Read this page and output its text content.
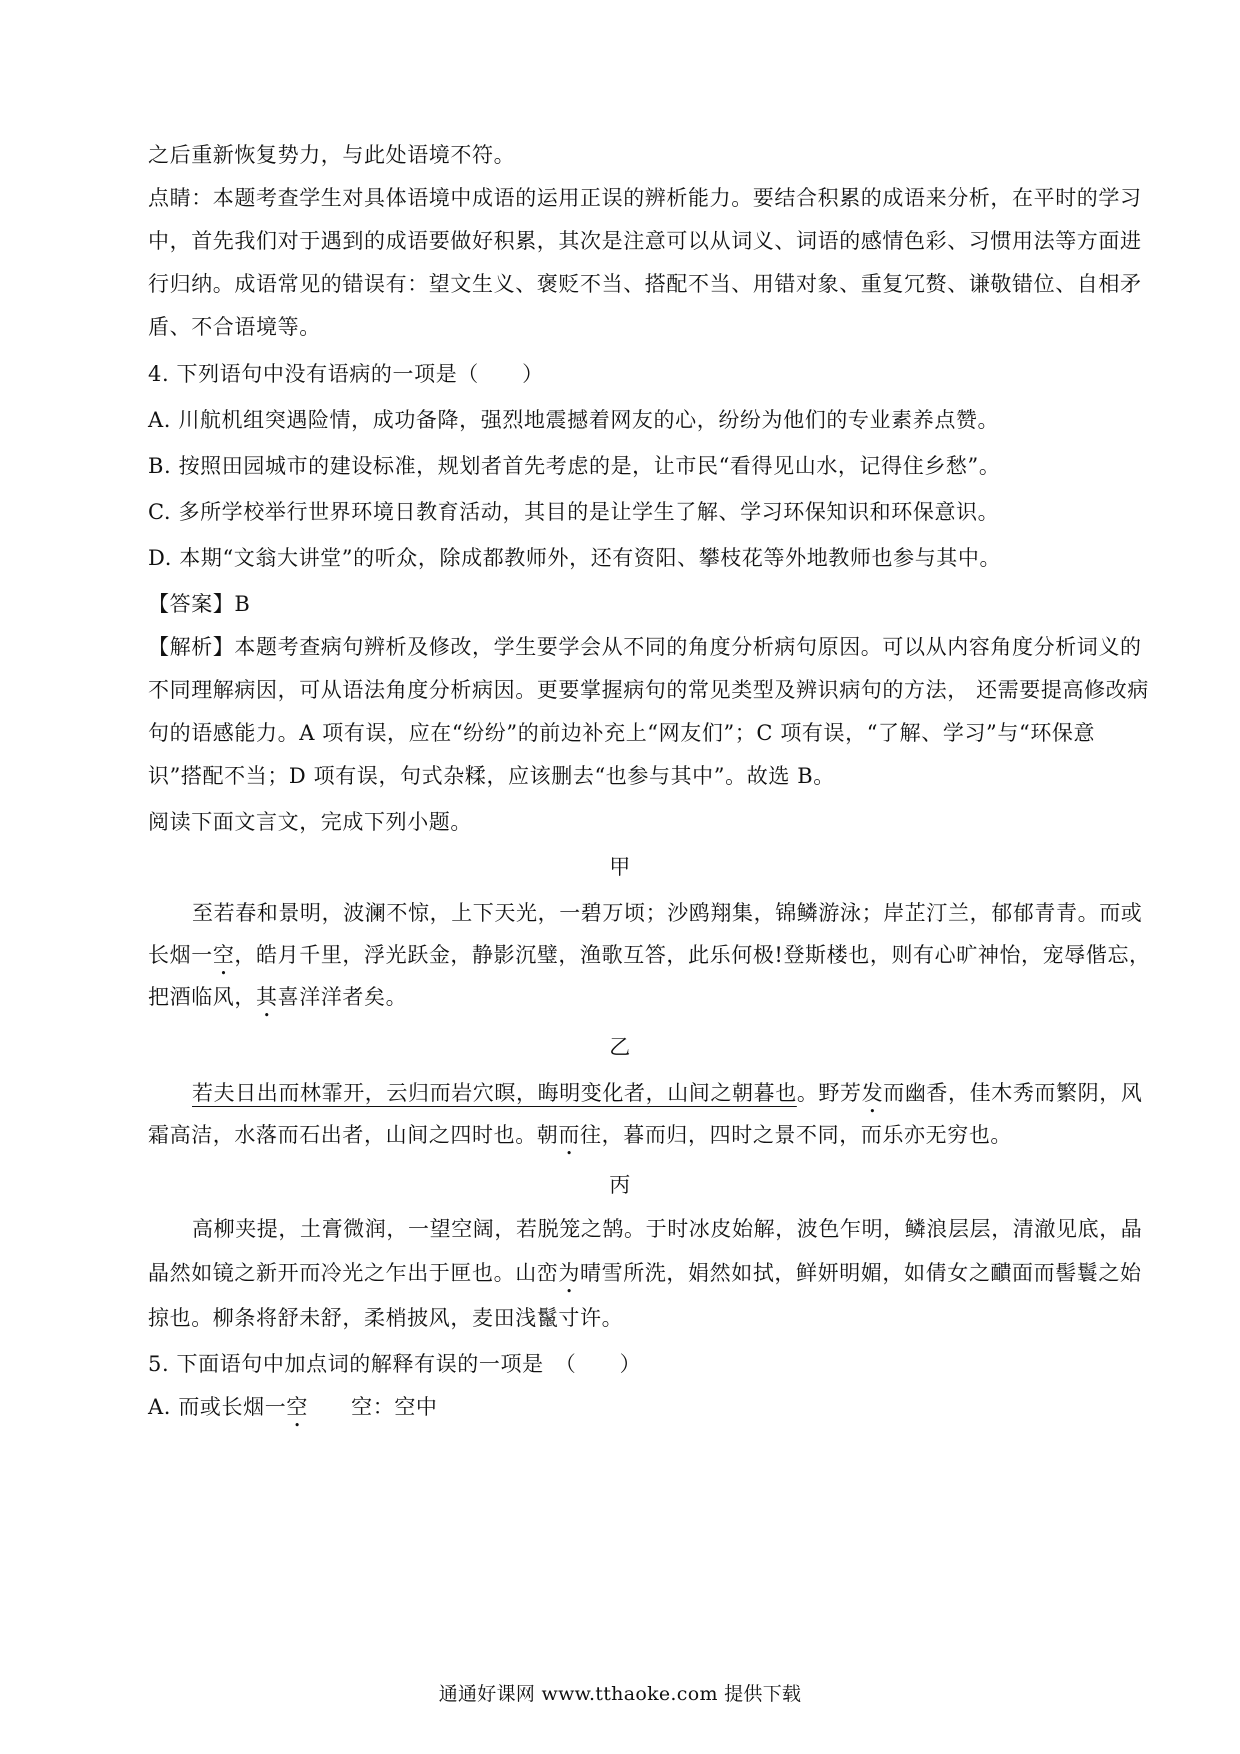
之后重新恢复势力，与此处语境不符。
点睛：本题考查学生对具体语境中成语的运用正误的辨析能力。要结合积累的成语来分析，在平时的学习
中，首先我们对于遇到的成语要做好积累，其次是注意可以从词义、词语的感情色彩、习惯用法等方面进
行归纳。成语常见的错误有：望文生义、褒贬不当、搭配不当、用错对象、重复冗赘、谦敬错位、自相矛
盾、不合语境等。
4. 下列语句中没有语病的一项是（　　）
A. 川航机组突遇险情，成功备降，强烈地震撼着网友的心，纷纷为他们的专业素养点赞。
B. 按照田园城市的建设标准，规划者首先考虑的是，让市民“看得见山水，记得住乡愁”。
C. 多所学校举行世界环境日教育活动，其目的是让学生了解、学习环保知识和环保意识。
D. 本期“文翁大讲堂”的听众，除成都教师外，还有资阳、攀枝花等外地教师也参与其中。
【答案】B
【解析】本题考查病句辨析及修改，学生要学会从不同的角度分析病句原因。可以从内容角度分析词义的
不同理解病因，可从语法角度分析病因。更要掌握病句的常见类型及辨识病句的方法， 还需要提高修改病
句的语感能力。A 项有误，应在“纷纷”的前边补充上“网友们”；C 项有误，“了解、学习”与“环保意
识”搭配不当；D 项有误，句式杂糅，应该删去“也参与其中”。故选 B。
阅读下面文言文，完成下列小题。
甲
至若春和景明，波澜不惊，上下天光，一碧万顷；沙鸥翔集，锦鳞游泳；岸芷汀兰，郁郁青青。而或
长烟一空，皓月千里，浮光跃金，静影沉璧，渔歌互答，此乐何极!登斯楼也，则有心旷神怡，宠辱偕忘，
把酒临风，其喜洋洋者矣。
乙
若夫日出而林霏开，云归而岩穴暝，晦明变化者，山间之朝暮也。野芳发而幽香，佳木秀而繁阴，风
霜高洁，水落而石出者，山间之四时也。朝而往，暮而归，四时之景不同，而乐亦无穷也。
丙
高柳夹提，土膏微润，一望空阔，若脱笼之鹄。于时冰皮始解，波色乍明，鳞浪层层，清澈见底，晶
晶然如镜之新开而冷光之乍出于匣也。山峦为晴雪所洗，娟然如拭，鲜妍明媚，如倩女之靧面而髻鬟之始
掠也。柳条将舒未舒，柔梢披风，麦田浅鬣寸许。
5. 下面语句中加点词的解释有误的一项是　（　　）
A. 而或长烟一空　　空：空中
通通好课网 www.tthaoke.com 提供下载
